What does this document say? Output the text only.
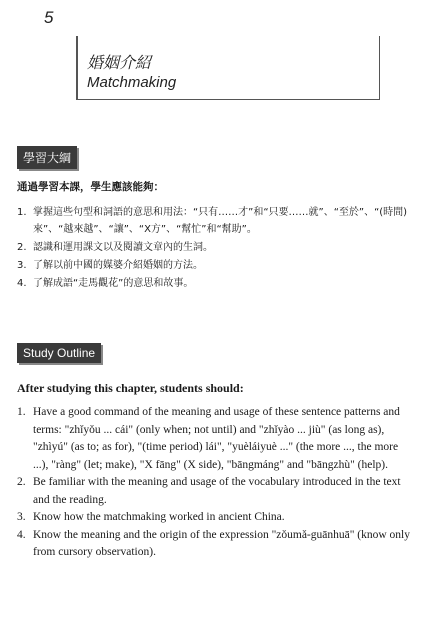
5
婚姻介紹
Matchmaking
學習大綱
通過學習本課，學生應該能夠：
1. 掌握這些句型和詞語的意思和用法：“只有……才”和“只要……就”、“至於”、“(時間) 來”、“越來越”、“讓”、“X方”、“幫忙”和“幫助”。
2. 認識和運用課文以及閱讀文章內的生詞。
3. 了解以前中國的媒婆介紹婚姻的方法。
4. 了解成語“走馬觀花”的意思和故事。
Study Outline
After studying this chapter, students should:
1. Have a good command of the meaning and usage of these sentence patterns and terms: "zhǐyǒu ... cái" (only when; not until) and "zhǐyào ... jiù" (as long as), "zhìyú" (as to; as for), "(time period) lái", "yuèláiyuè ..." (the more ..., the more ...), "ràng" (let; make), "X fāng" (X side), "bāngmáng" and "bāngzhù" (help).
2. Be familiar with the meaning and usage of the vocabulary introduced in the text and the reading.
3. Know how the matchmaking worked in ancient China.
4. Know the meaning and the origin of the expression "zǒumǎ-guānhuā" (know only from cursory observation).
